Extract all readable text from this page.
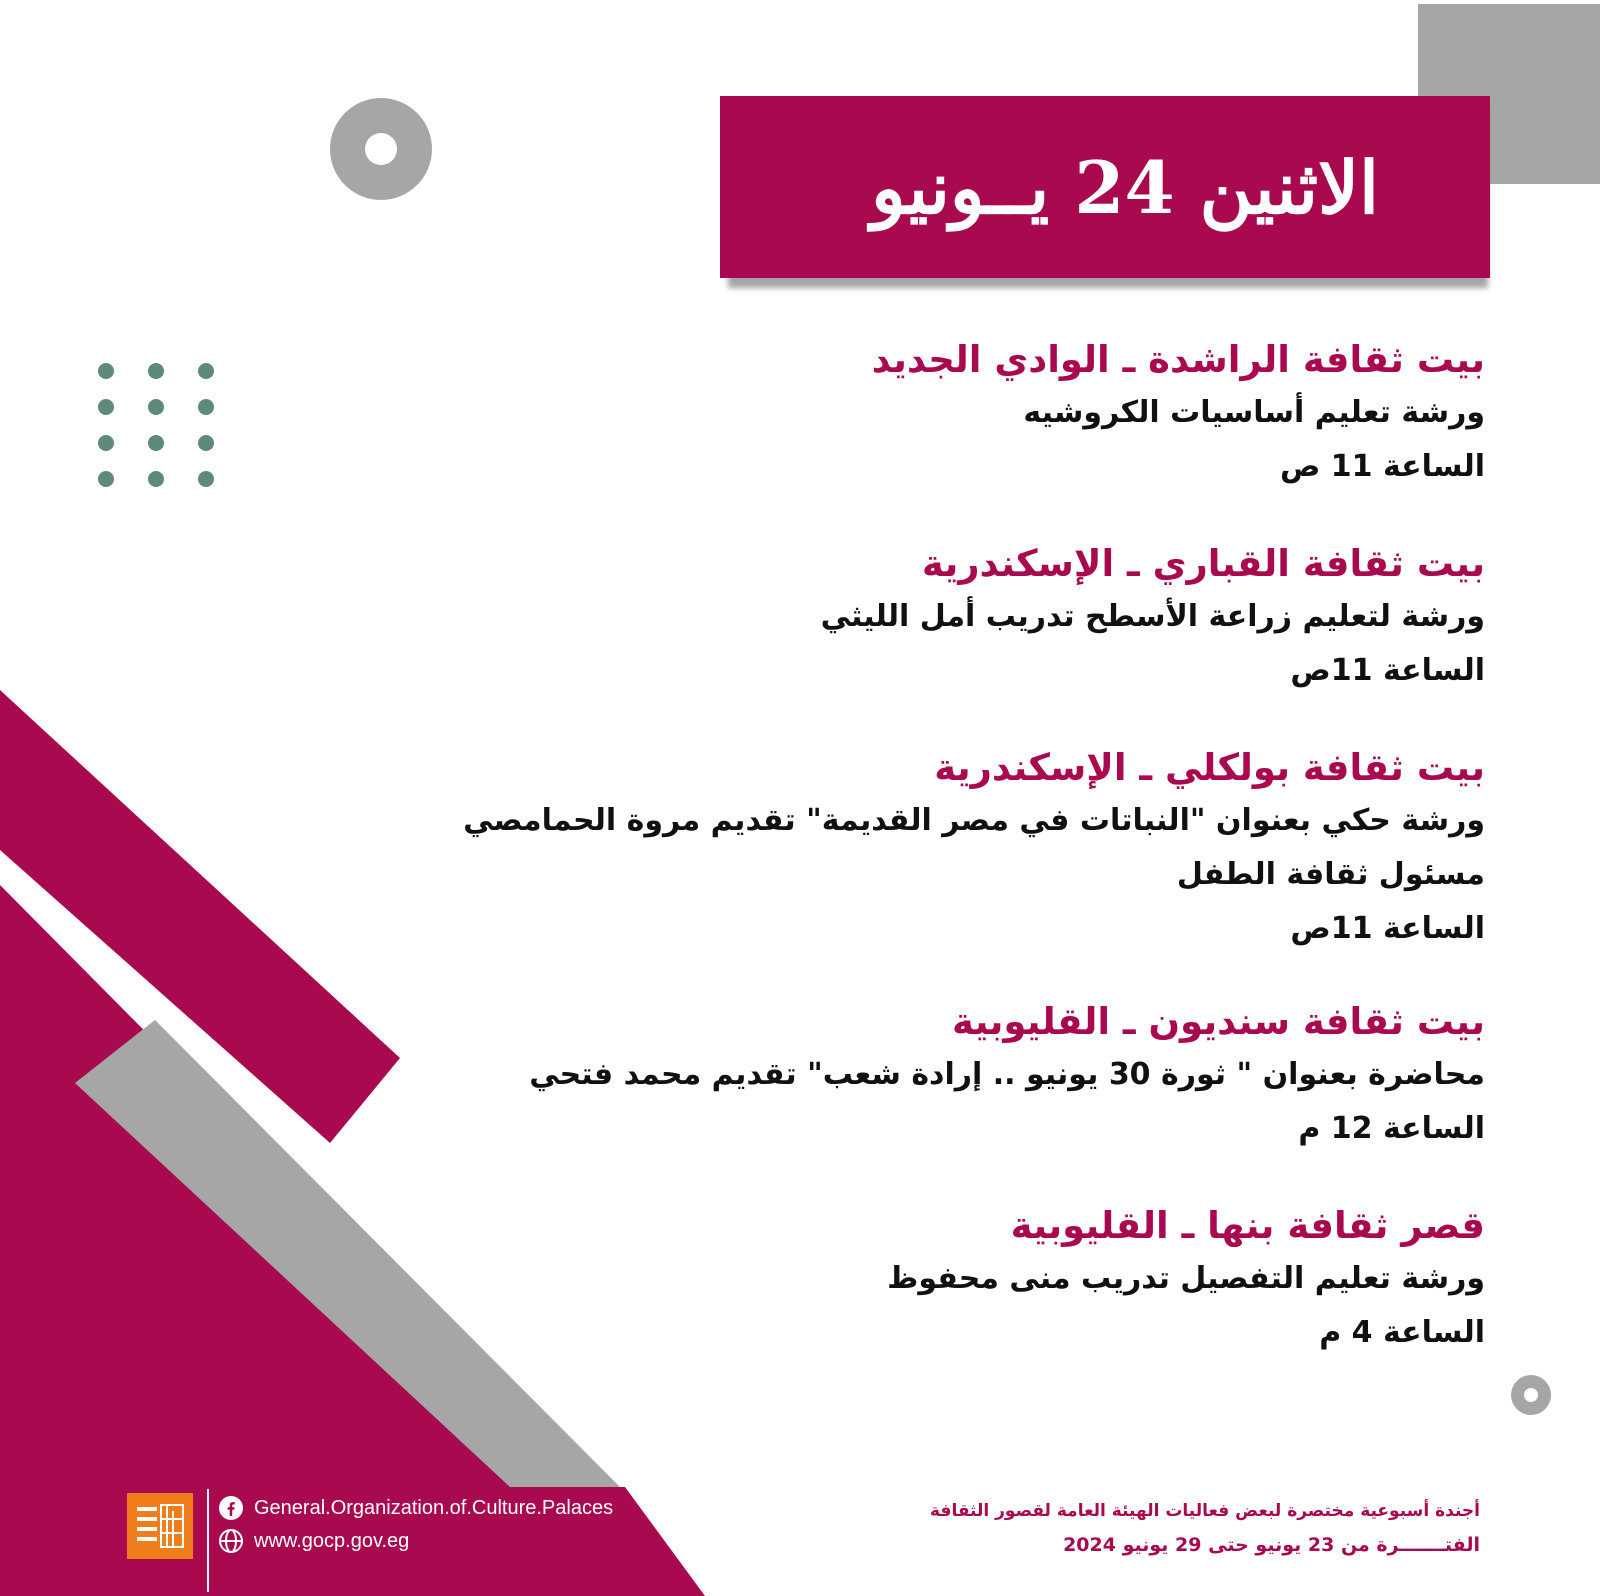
الاثنين 24 يــونيو
بيت ثقافة الراشدة ـ الوادي الجديد
ورشة تعليم أساسيات الكروشيه
الساعة 11 ص
بيت ثقافة القباري ـ الإسكندرية
ورشة لتعليم زراعة الأسطح تدريب أمل الليثي
الساعة 11ص
بيت ثقافة بولكلي ـ الإسكندرية
ورشة حكي بعنوان "النباتات في مصر القديمة" تقديم مروة الحمامصي مسئول ثقافة الطفل
الساعة 11ص
بيت ثقافة سنديون ـ القليوبية
محاضرة بعنوان " ثورة 30 يونيو .. إرادة شعب" تقديم محمد فتحي
الساعة 12 م
قصر ثقافة بنها ـ القليوبية
ورشة تعليم التفصيل تدريب منى محفوظ
الساعة 4 م
أجندة أسبوعية مختصرة لبعض فعاليات الهيئة العامة لقصور الثقافة
الفتـــــــرة من 23 يونيو حتى 29 يونيو 2024
General.Organization.of.Culture.Palaces
www.gocp.gov.eg
